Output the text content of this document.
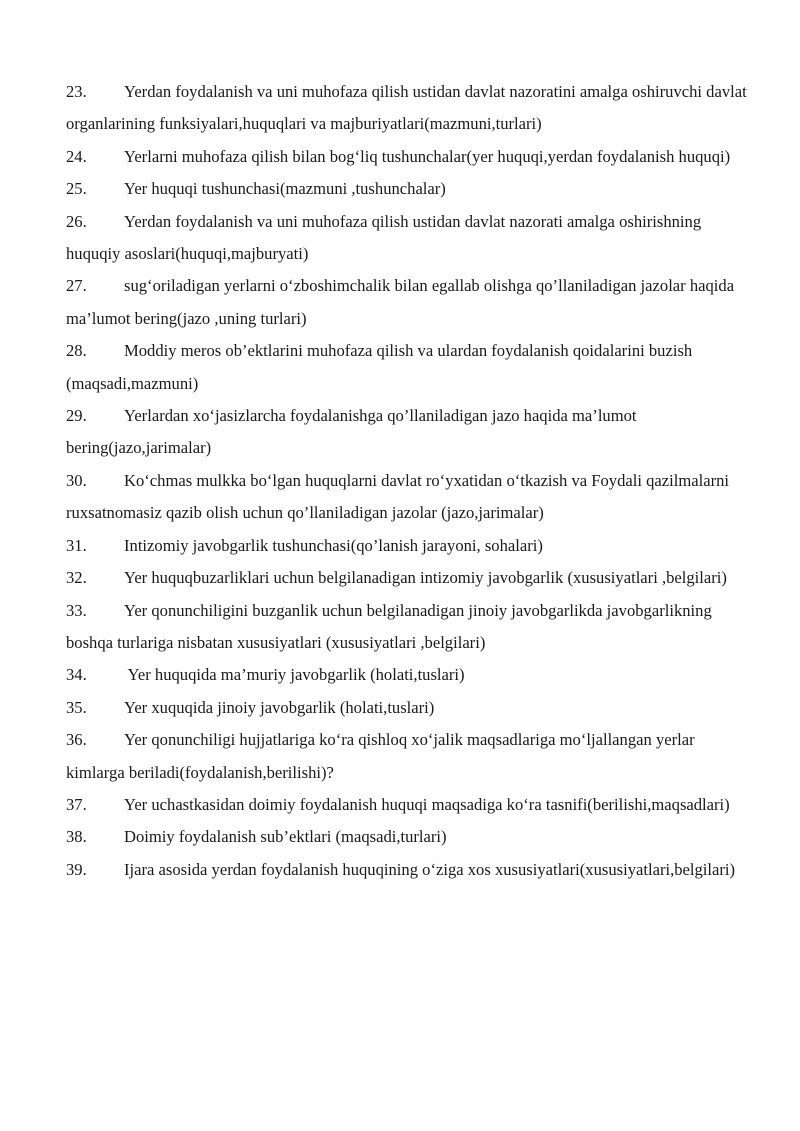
23. Yerdan foydalanish va uni muhofaza qilish ustidan davlat nazoratini amalga oshiruvchi davlat organlarining funksiyalari,huquqlari va majburiyatlari(mazmuni,turlari)
24. Yerlarni muhofaza qilish bilan bog‘liq tushunchalar(yer huquqi,yerdan foydalanish huquqi)
25. Yer huquqi tushunchasi(mazmuni ,tushunchalar)
26. Yerdan foydalanish va uni muhofaza qilish ustidan davlat nazorati amalga oshirishning huquqiy asoslari(huquqi,majburyati)
27. sug‘oriladigan yerlarni o‘zboshimchalik bilan egallab olishga qo’llaniladigan jazolar haqida ma’lumot bering(jazo ,uning turlari)
28. Moddiy meros ob’ektlarini muhofaza qilish va ulardan foydalanish qoidalarini buzish (maqsadi,mazmuni)
29. Yerlardan xo‘jasizlarcha foydalanishga qo’llaniladigan jazo haqida ma’lumot bering(jazo,jarimalar)
30. Ko‘chmas mulkka bo‘lgan huquqlarni davlat ro‘yxatidan o‘tkazish va Foydali qazilmalarni ruxsatnomasiz qazib olish uchun qo’llaniladigan jazolar (jazo,jarimalar)
31. Intizomiy javobgarlik tushunchasi(qo’lanish jarayoni, sohalari)
32. Yer huquqbuzarliklari uchun belgilanadigan intizomiy javobgarlik (xususiyatlari ,belgilari)
33. Yer qonunchiligini buzganlik uchun belgilanadigan jinoiy javobgarlikda javobgarlikning boshqa turlariga nisbatan xususiyatlari (xususiyatlari ,belgilari)
34. Yer huquqida ma’muriy javobgarlik (holati,tuslari)
35. Yer xuquqida jinoiy javobgarlik (holati,tuslari)
36. Yer qonunchiligi hujjatlariga ko‘ra qishloq xo‘jalik maqsadlariga mo‘ljallangan yerlar kimlarga beriladi(foydalanish,berilishi)?
37. Yer uchastkasidan doimiy foydalanish huquqi maqsadiga ko‘ra tasnifi(berilishi,maqsadlari)
38. Doimiy foydalanish sub’ektlari (maqsadi,turlari)
39. Ijara asosida yerdan foydalanish huquqining o‘ziga xos xususiyatlari(xususiyatlari,belgilari)
